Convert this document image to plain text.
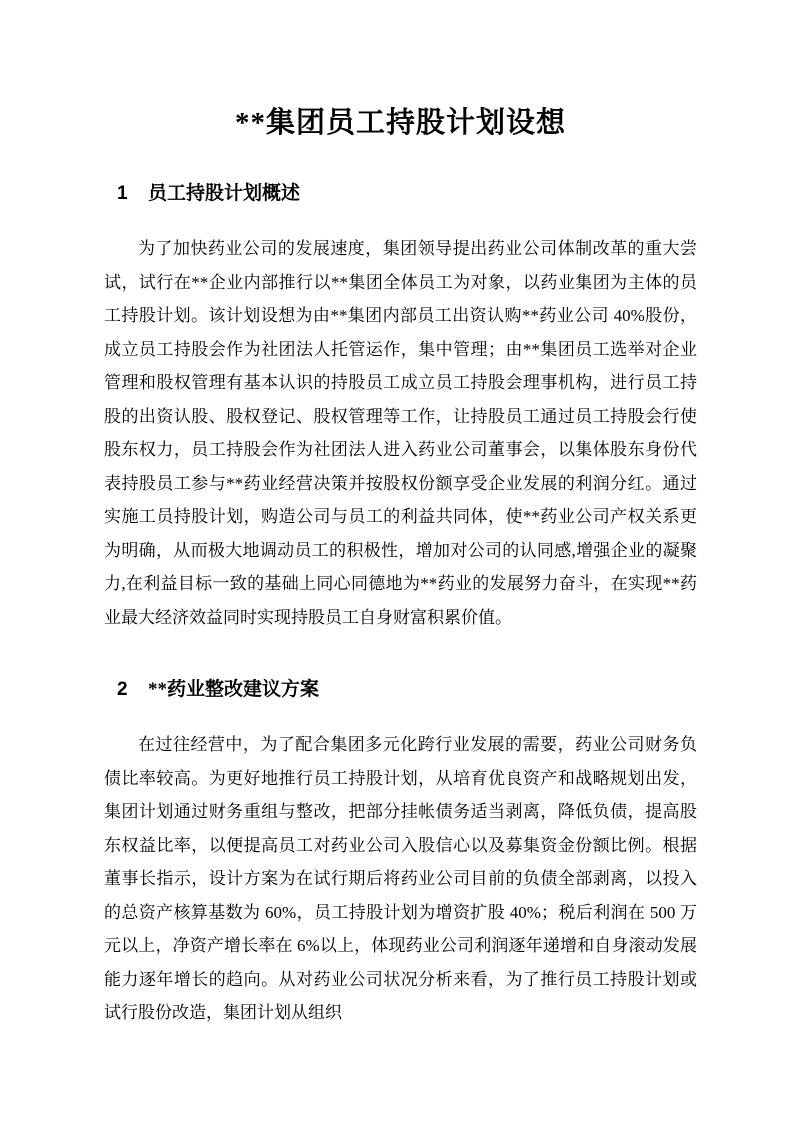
**集团员工持股计划设想
1	员工持股计划概述

为了加快药业公司的发展速度，集团领导提出药业公司体制改革的重大尝试，试行在**企业内部推行以**集团全体员工为对象，以药业集团为主体的员工持股计划。该计划设想为由**集团内部员工出资认购**药业公司 40%股份，成立员工持股会作为社团法人托管运作，集中管理；由**集团员工选举对企业管理和股权管理有基本认识的持股员工成立员工持股会理事机构，进行员工持股的出资认股、股权登记、股权管理等工作，让持股员工通过员工持股会行使股东权力，员工持股会作为社团法人进入药业公司董事会，以集体股东身份代表持股员工参与**药业经营决策并按股权份额享受企业发展的利润分红。通过实施工员持股计划，购造公司与员工的利益共同体，使**药业公司产权关系更为明确，从而极大地调动员工的积极性，增加对公司的认同感,增强企业的凝聚力,在利益目标一致的基础上同心同德地为**药业的发展努力奋斗，在实现**药业最大经济效益同时实现持股员工自身财富积累价值。

2	**药业整改建议方案

在过往经营中，为了配合集团多元化跨行业发展的需要，药业公司财务负债比率较高。为更好地推行员工持股计划，从培育优良资产和战略规划出发，集团计划通过财务重组与整改，把部分挂帐债务适当剥离，降低负债，提高股东权益比率，以便提高员工对药业公司入股信心以及募集资金份额比例。根据董事长指示，设计方案为在试行期后将药业公司目前的负债全部剥离，以投入的总资产核算基数为 60%，员工持股计划为增资扩股 40%；税后利润在 500 万元以上，净资产增长率在 6%以上，体现药业公司利润逐年递增和自身滚动发展能力逐年增长的趋向。从对药业公司状况分析来看，为了推行员工持股计划或试行股份改造，集团计划从组织
